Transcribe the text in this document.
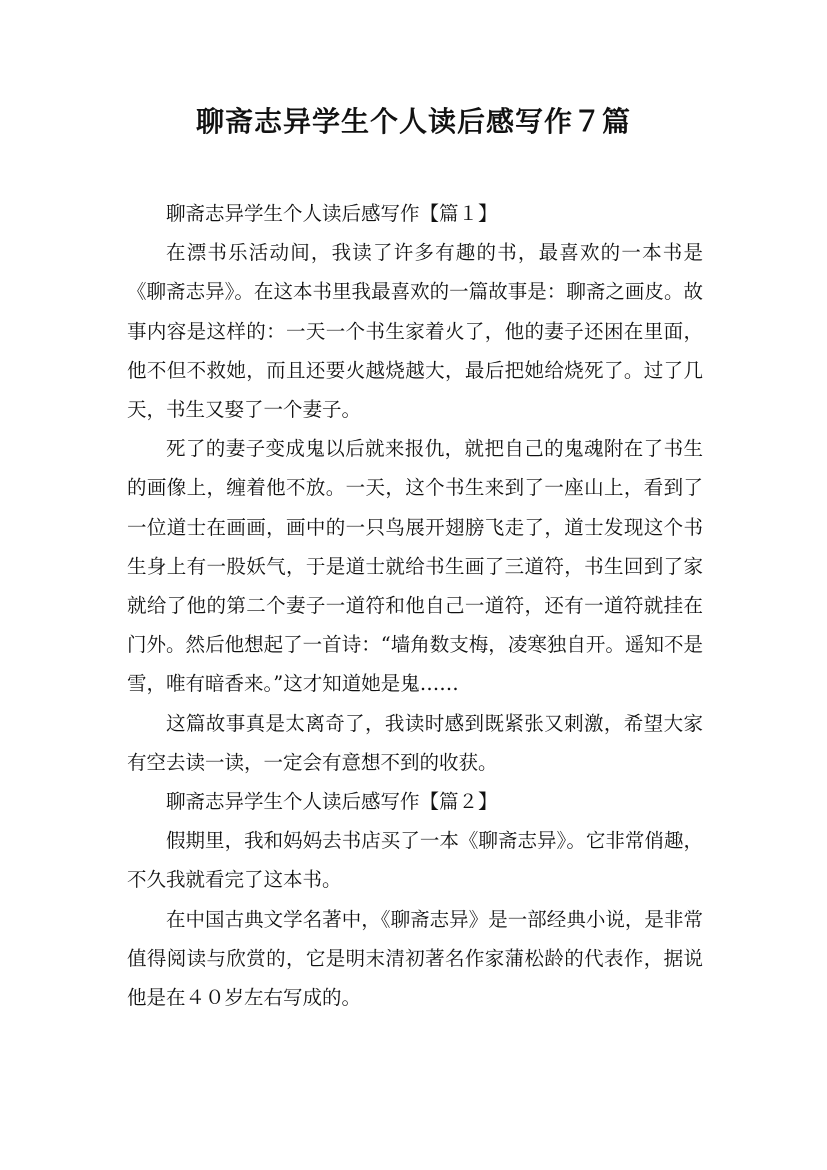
聊斋志异学生个人读后感写作７篇

聊斋志异学生个人读后感写作【篇１】

在漂书乐活动间，我读了许多有趣的书，最喜欢的一本书是《聊斋志异》。在这本书里我最喜欢的一篇故事是：聊斋之画皮。故事内容是这样的：一天一个书生家着火了，他的妻子还困在里面，他不但不救她，而且还要火越烧越大，最后把她给烧死了。过了几天，书生又娶了一个妻子。

死了的妻子变成鬼以后就来报仇，就把自己的鬼魂附在了书生的画像上，缠着他不放。一天，这个书生来到了一座山上，看到了一位道士在画画，画中的一只鸟展开翅膀飞走了，道士发现这个书生身上有一股妖气，于是道士就给书生画了三道符，书生回到了家就给了他的第二个妻子一道符和他自己一道符，还有一道符就挂在门外。然后他想起了一首诗：“墙角数支梅，凌寒独自开。遥知不是雪，唯有暗香来。”这才知道她是鬼……

这篇故事真是太离奇了，我读时感到既紧张又刺激，希望大家有空去读一读，一定会有意想不到的收获。

聊斋志异学生个人读后感写作【篇２】

假期里，我和妈妈去书店买了一本《聊斋志异》。它非常俏趣，不久我就看完了这本书。

在中国古典文学名著中，《聊斋志异》是一部经典小说，是非常值得阅读与欣赏的，它是明末清初著名作家蒲松龄的代表作，据说他是在４０岁左右写成的。
